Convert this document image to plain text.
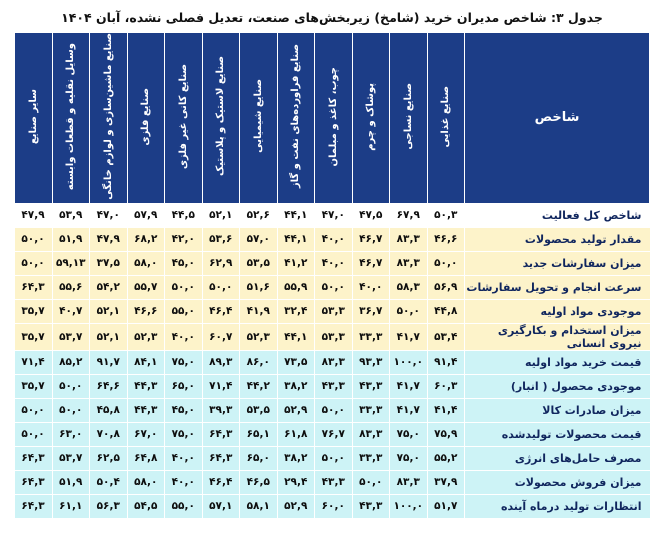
جدول ۳: شاخص مدیران خرید (شامخ) زیربخش‌های صنعت، تعدیل فصلی نشده، آبان ۱۴۰۴
شاخص	صنایع غذایی	صنایع نساجی	پوشاک و چرم	چوب، کاغذ و مبلمان	صنایع فراورده‌های نفت و گاز	صنایع شیمیایی	صنایع لاستیک و پلاستیک	صنایع کانی غیر فلزی	صنایع فلزی	صنایع ماشین‌سازی و لوازم خانگی	وسایل نقلیه و قطعات وابسته	سایر صنایع
شاخص کل فعالیت	۵۰,۳	۶۷,۹	۴۷,۵	۴۷,۰	۴۴,۱	۵۲,۶	۵۲,۱	۴۴,۵	۵۷,۹	۴۷,۰	۵۳,۹	۴۷,۹
مقدار تولید محصولات	۴۶,۶	۸۳,۳	۴۶,۷	۴۰,۰	۴۴,۱	۵۷,۰	۵۳,۶	۴۲,۰	۶۸,۲	۴۷,۹	۵۱,۹	۵۰,۰
میزان سفارشات جدید	۵۰,۰	۸۳,۳	۴۶,۷	۴۰,۰	۴۱,۲	۵۳,۵	۶۲,۹	۴۵,۰	۵۸,۰	۳۷,۵	۵۹,۱۳	۵۰,۰
سرعت انجام و تحویل سفارشات	۵۶,۹	۵۸,۳	۴۰,۰	۵۰,۰	۵۵,۹	۵۱,۶	۵۰,۰	۵۰,۰	۵۵,۷	۵۴,۲	۵۵,۶	۶۴,۳
موجودی مواد اولیه	۴۴,۸	۵۰,۰	۳۶,۷	۵۳,۳	۳۲,۴	۴۱,۹	۴۶,۴	۵۵,۰	۴۶,۶	۵۲,۱	۴۰,۷	۳۵,۷
میزان استخدام و بکارگیری نیروی انسانی	۵۳,۴	۴۱,۷	۳۳,۳	۵۳,۳	۴۴,۱	۵۲,۳	۶۰,۷	۴۰,۰	۵۲,۳	۵۲,۱	۵۳,۷	۳۵,۷
قیمت خرید مواد اولیه	۹۱,۴	۱۰۰,۰	۹۳,۳	۸۳,۳	۷۳,۵	۸۶,۰	۸۹,۳	۷۵,۰	۸۴,۱	۹۱,۷	۸۵,۲	۷۱,۴
موجودی محصول ( انبار)	۶۰,۳	۴۱,۷	۴۳,۳	۴۳,۳	۳۸,۲	۴۴,۲	۷۱,۴	۶۵,۰	۴۴,۳	۶۴,۶	۵۰,۰	۳۵,۷
میزان صادرات کالا	۴۱,۴	۴۱,۷	۳۳,۳	۵۰,۰	۵۲,۹	۵۳,۵	۳۹,۳	۴۵,۰	۴۴,۳	۴۵,۸	۵۰,۰	۵۰,۰
قیمت محصولات تولیدشده	۷۵,۹	۷۵,۰	۸۳,۳	۷۶,۷	۶۱,۸	۶۵,۱	۶۴,۳	۷۵,۰	۶۷,۰	۷۰,۸	۶۳,۰	۵۰,۰
مصرف حامل‌های انرژی	۵۵,۲	۷۵,۰	۳۳,۳	۵۰,۰	۳۸,۲	۶۵,۰	۶۴,۳	۴۰,۰	۶۴,۸	۶۲,۵	۵۳,۷	۶۴,۳
میزان فروش محصولات	۳۷,۹	۸۳,۳	۵۰,۰	۴۳,۳	۲۹,۴	۴۶,۵	۴۶,۴	۴۰,۰	۵۸,۰	۵۰,۴	۵۱,۹	۶۴,۳
انتظارات تولید درماه آینده	۵۱,۷	۱۰۰,۰	۴۳,۳	۶۰,۰	۵۲,۹	۵۸,۱	۵۷,۱	۵۵,۰	۵۴,۵	۵۶,۳	۶۱,۱	۶۴,۳
